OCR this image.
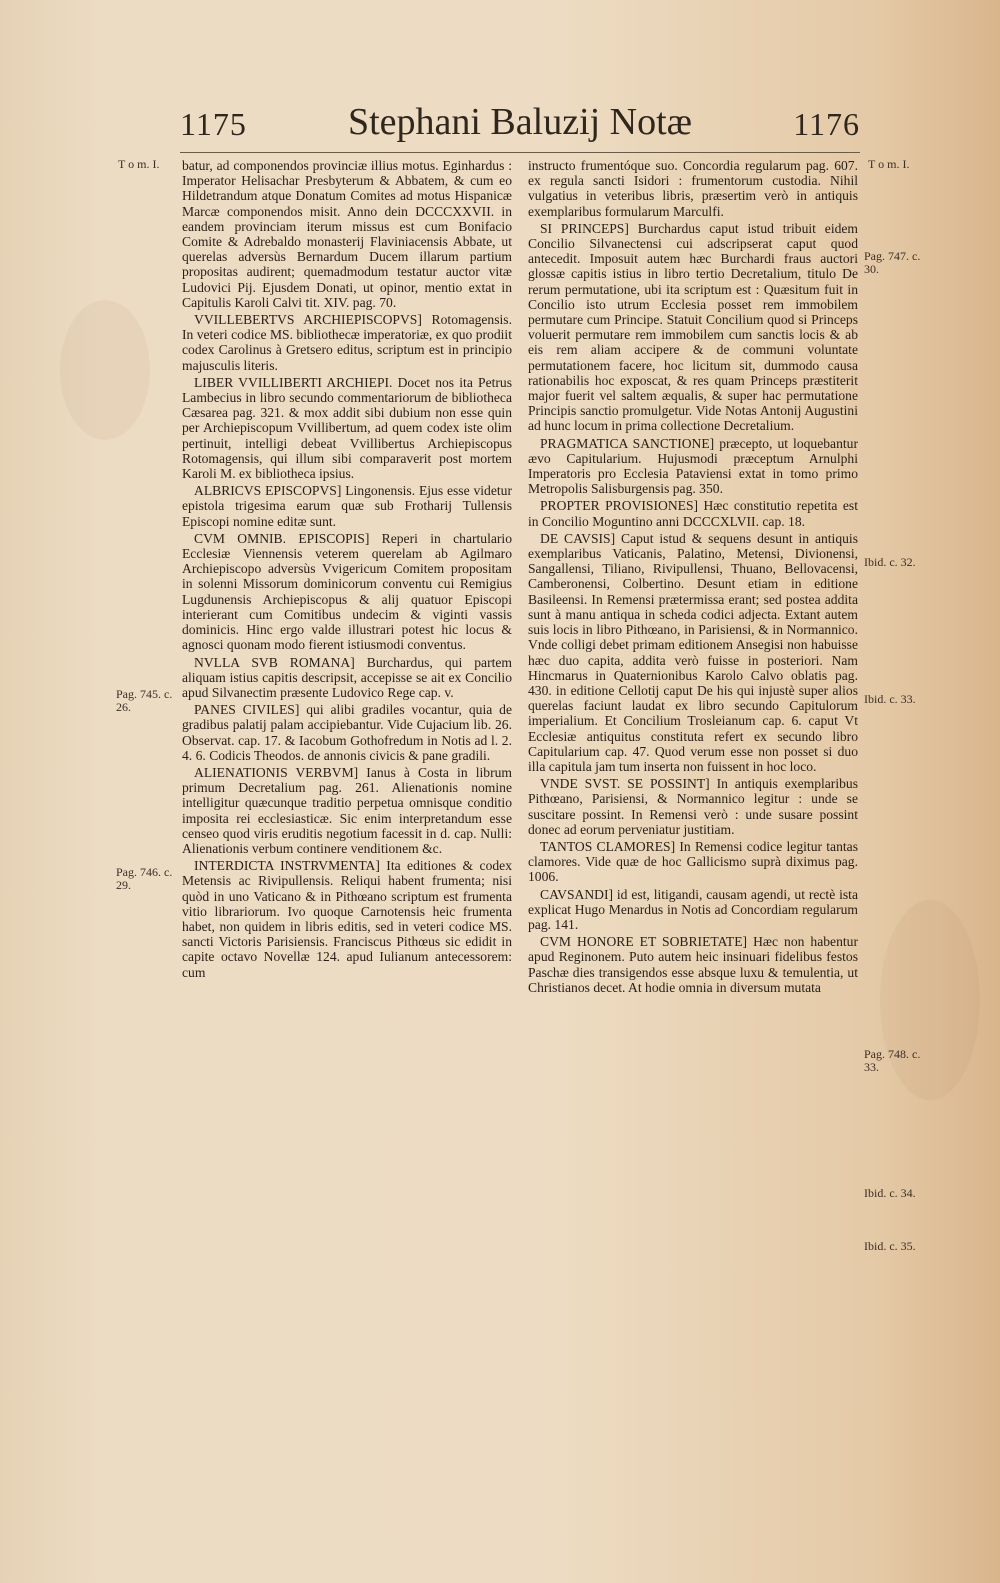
1175	Stephani Baluzij Notæ	1176
T o m. I.
Pag. 745. c. 26.
Pag. 746. c. 29.
T o m. I.
Pag. 747. c. 30.
Ibid. c. 32.
Ibid. c. 33.
Pag. 748. c. 33.
Ibid. c. 34.
Ibid. c. 35.

batur, ad componendos provinciæ illius motus. Eginhardus : Imperator Helisachar Presbyterum & Abbatem, & cum eo Hildetrandum atque Donatum Comites ad motus Hispanicæ Marcæ componendos misit. Anno dein DCCCXXVII. in eandem provinciam iterum missus est cum Bonifacio Comite & Adrebaldo monasterij Flaviniacensis Abbate, ut querelas adversùs Bernardum Ducem illarum partium propositas audirent; quemadmodum testatur auctor vitæ Ludovici Pij. Ejusdem Donati, ut opinor, mentio extat in Capitulis Karoli Calvi tit. XIV. pag. 70.

VVILLEBERTVS ARCHIEPISCOPVS] Rotomagensis. In veteri codice MS. bibliothecæ imperatoriæ, ex quo prodiit codex Carolinus à Gretsero editus, scriptum est in principio majusculis literis.

LIBER VVILLIBERTI ARCHIEPI. Docet nos ita Petrus Lambecius in libro secundo commentariorum de bibliotheca Cæsarea pag. 321. & mox addit sibi dubium non esse quin per Archiepiscopum Vvillibertum, ad quem codex iste olim pertinuit, intelligi debeat Vvillibertus Archiepiscopus Rotomagensis, qui illum sibi comparaverit post mortem Karoli M. ex bibliotheca ipsius.

ALBRICVS EPISCOPVS] Lingonensis. Ejus esse videtur epistola trigesima earum quæ sub Frotharij Tullensis Episcopi nomine editæ sunt.

CVM OMNIB. EPISCOPIS] Reperi in chartulario Ecclesiæ Viennensis veterem querelam ab Agilmaro Archiepiscopo adversùs Vvigericum Comitem propositam in solenni Missorum dominicorum conventu cui Remigius Lugdunensis Archiepiscopus & alij quatuor Episcopi interierant cum Comitibus undecim & viginti vassis dominicis. Hinc ergo valde illustrari potest hic locus & agnosci quonam modo fierent istiusmodi conventus.

NVLLA SVB ROMANA] Burchardus, qui partem aliquam istius capitis descripsit, accepisse se ait ex Concilio apud Silvanectim præsente Ludovico Rege cap. v.

PANES CIVILES] qui alibi gradiles vocantur, quia de gradibus palatij palam accipiebantur. Vide Cujacium lib. 26. Observat. cap. 17. & Iacobum Gothofredum in Notis ad l. 2. 4. 6. Codicis Theodos. de annonis civicis & pane gradili.

ALIENATIONIS VERBVM] Ianus à Costa in librum primum Decretalium pag. 261. Alienationis nomine intelligitur quæcunque traditio perpetua omnisque conditio imposita rei ecclesiasticæ. Sic enim interpretandum esse censeo quod viris eruditis negotium facessit in d. cap. Nulli: Alienationis verbum continere venditionem &c.

INTERDICTA INSTRVMENTA] Ita editiones & codex Metensis ac Rivipullensis. Reliqui habent frumenta; nisi quòd in uno Vaticano & in Pithœano scriptum est frumenta vitio librariorum. Ivo quoque Carnotensis heic frumenta habet, non quidem in libris editis, sed in veteri codice MS. sancti Victoris Parisiensis. Franciscus Pithœus sic edidit in capite octavo Novellæ 124. apud Iulianum antecessorem: cum

instructo frumentóque suo. Concordia regularum pag. 607. ex regula sancti Isidori : frumentorum custodia. Nihil vulgatius in veteribus libris, præsertim verò in antiquis exemplaribus formularum Marculfi.

SI PRINCEPS] Burchardus caput istud tribuit eidem Concilio Silvanectensi cui adscripserat caput quod antecedit. Imposuit autem hæc Burchardi fraus auctori glossæ capitis istius in libro tertio Decretalium, titulo De rerum permutatione, ubi ita scriptum est : Quæsitum fuit in Concilio isto utrum Ecclesia posset rem immobilem permutare cum Principe. Statuit Concilium quod si Princeps voluerit permutare rem immobilem cum sanctis locis & ab eis rem aliam accipere & de communi voluntate permutationem facere, hoc licitum sit, dummodo causa rationabilis hoc exposcat, & res quam Princeps præstiterit major fuerit vel saltem æqualis, & super hac permutatione Principis sanctio promulgetur. Vide Notas Antonij Augustini ad hunc locum in prima collectione Decretalium.

PRAGMATICA SANCTIONE] præcepto, ut loquebantur ævo Capitularium. Hujusmodi præceptum Arnulphi Imperatoris pro Ecclesia Pataviensi extat in tomo primo Metropolis Salisburgensis pag. 350.

PROPTER PROVISIONES] Hæc constitutio repetita est in Concilio Moguntino anni DCCCXLVII. cap. 18.

DE CAVSIS] Caput istud & sequens desunt in antiquis exemplaribus Vaticanis, Palatino, Metensi, Divionensi, Sangallensi, Tiliano, Rivipullensi, Thuano, Bellovacensi, Camberonensi, Colbertino. Desunt etiam in editione Basileensi. In Remensi prætermissa erant; sed postea addita sunt à manu antiqua in scheda codici adjecta. Extant autem suis locis in libro Pithœano, in Parisiensi, & in Normannico. Vnde colligi debet primam editionem Ansegisi non habuisse hæc duo capita, addita verò fuisse in posteriori. Nam Hincmarus in Quaternionibus Karolo Calvo oblatis pag. 430. in editione Cellotij caput De his qui injustè super alios querelas faciunt laudat ex libro secundo Capitulorum imperialium. Et Concilium Trosleianum cap. 6. caput Vt Ecclesiæ antiquitus constituta refert ex secundo libro Capitularium cap. 47. Quod verum esse non posset si duo illa capitula jam tum inserta non fuissent in hoc loco.

VNDE SVST. SE POSSINT] In antiquis exemplaribus Pithœano, Parisiensi, & Normannico legitur : unde se suscitare possint. In Remensi verò : unde susare possint donec ad eorum perveniatur justitiam.

TANTOS CLAMORES] In Remensi codice legitur tantas clamores. Vide quæ de hoc Gallicismo suprà diximus pag. 1006.

CAVSANDI] id est, litigandi, causam agendi, ut rectè ista explicat Hugo Menardus in Notis ad Concordiam regularum pag. 141.

CVM HONORE ET SOBRIETATE] Hæc non habentur apud Reginonem. Puto autem heic insinuari fidelibus festos Paschæ dies transigendos esse absque luxu & temulentia, ut Christianos decet. At hodie omnia in diversum mutata
